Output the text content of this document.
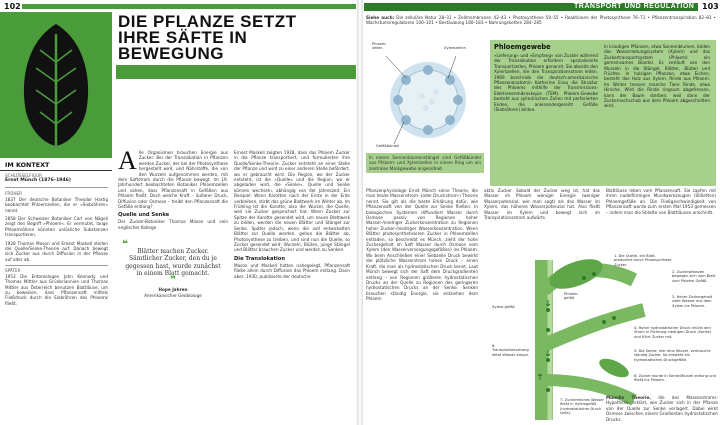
102
DIE PFLANZE SETZT
IHRE SÄFTE IN
BEWEGUNG
TRANSLOKATION IN PFLANZEN
IM KONTEXT
SCHLÜSSELFIGUR
Ernst Münch (1876–1946)
FRÜHER
1837 Der deutsche Botaniker Theodor Hartig beobachtet Phloemzellen, die er »Siebröhren« nennt.
1858 Der Schweizer Botaniker Carl von Nägeli zeigt den Begriff »Phloem«. Er vermutet, lange Phloemröhren könnten unlösliche Substanzen transportieren.
1928 Thomas Mason und Ernest Maskell stellen die Quelle/Senke-Theorie auf: Danach bewegt sich Zucker aus durch Diffusion in der Pflanze auf oder ab.
SPÄTER
1953 Die Entomologen John Kennedy und Thomas Mittler aus Grünbriannien und Thomas Mittler aus Österreich benutzen Blattläuse, um zu beweisen, dass Pflanzensaft mittels Fließdruck durch die Siebröhren des Phloems fließt.
A lle Organismen brauchen Energie aus Zucker. Bei der Translokation in Pflanzen werden Zucker, der bei der Photosynthese hergestellt wird, und Nährstoffe, die von den Wurzeln aufgenommen werden, mit dem Saftstrom durch die Pflanze bewegt. Im 19. Jahrhundert beobachteten Botaniker Phloemzellen und sahen, dass Pflanzensaft in Gefäßen aus Phloem fließt. Doch welche Kraft – äußerer Druck, Diffusion oder Osmose – treibt den Pflanzensaft die Gefäße entlang?
Quelle und Senke
Der Zucker-Botaniker Thomas Mason und sein englischer Kollege
❝
Blätter machen Zucker. Sämtlicher Zucker, den du je gegessen hast, wurde zunächst in einem Blatt gemacht.
❞
Hope Jahren
Amerikanischer Geobiologe
Ernest Maskell zeigten 1928, dass das Phloem Zucker in die Pflanze transportiert, und formulierten ihre Quelle/Senke-Theorie. Zucker entsteht an einer Stelle der Pflanze und wird zu einer anderen Stelle befördert, wo er gebraucht wird. Die Region, wo der Zucker entsteht, ist die »Quelle« und die Region, wo er abgeladen wird, die »Senke«. Quelle und Senke können wechseln, abhängig von der Jahreszeit. Ein Beispiel: Wenn Karotten nach der Ernte in der Erde verbleiben, stirbt das grüne Blattwerk im Winter ab. Im Frühling ist die Karotte, also die Wurzel, die Quelle, weil sie Zucker gespeichert hat. Wenn Zucker zur Spitze der Karotte gesendet wird, um neues Blattwerk zu bilden, werden die neuen Blätter und Stängel zur Senke. Später jedoch, wenn die voll entwickelten Blätter zur Quelle werden, gehen die Blätter ab, Photosynthese zu treiben, und sind nun die Quelle, so Zucker gesendet wird: Wurzeln, Blüten, junge Stängel und Blätter brauchen Zucker und werden zu Senken.
Die Translokation
Mason und Maskell hatten nahegelegt, Pflanzensaft fließe allein durch Diffusion das Phloem entlang. Dann aber, 1930, publizierte der deutsche
TRANSPORT UND REGULATION 103
Siehe auch: Die zelluläre Natur 28–31 • Zellmembranen 42–43 • Photosynthese 50–55 • Reaktionen der Photosynthese 76–71 • Pflanzentranspiration 82–83 • Wachstumsregulatoren 100–101 • Bestäubung 180–183 • Nahrungsketten 284–285
Phloem-zellen	Xylemzellen
Gefäßbündel
In einem Sonnenblumenstängel sind Gefäßbündel aus Phloem- und Xylemzellen in einem Ring um ein zentrales Markgewebe angeordnet.
Phloemgewebe
»Lieferung« und »Empfang« von Zucker während der Translokation erfordern spezialisierte Transportzellen, Phloem genannt. Sie abseits den Xylemzellen, die den Transpirationsstrom leiten. 1969 beschrieb die deutsch-amerikanische Pflanzenanatomin Katherine Esau die Struktur des Phloems mithilfe der Transmissions-Elektronenmikroskopie (TEM). Phloem-Gewebe besteht aus zylindrischen Zellen mit perforierten Enden, die aneinandergereiht Gefäße (Siebröhren) bilden.
In krautigen Pflanzen, etwa Sonnenblumen, bilden das Wasserleitungssystem (Xylem) und das Zuckertransportsystem (Phloem) ein gemeinsames Bündel. Es verläuft von den Wurzeln in die Stängel, Blätter, Blüten und Früchte. In holzigen Pflanzen, etwa Eichen, besteht das Holz aus Xylem. Rinde aus Phloem. Im Winter tressen manche Tiere Rinde, etwa Hirsche. Wird die Rinde ringsum abgefressen, kann der Baum sterben, weil dann der Zuckernachschub aus dem Phloem abgeschnitten wird.
Pflanzenphysiologe Ernst Münch seine Theorie, die man heute Massenstrom- (oder Druckstrom-) Theorie nennt. Sie gilt als die beste Erklärung dafür, wie Pflanzensaft von der Quelle zur Senke fließen. In biologischen Systemen diffundiert Wasser durch Osmose passiv von Regionen hoher Wasser-/niedriger Zuckerkonzentration zu Regionen hoher Zucker-/niedriger Wasserkonzentration. Wenn Blätter photosynthetisieren Zucker in Phloemzellen entladen, so beschreibt es Münch, zieht der hohe Zuckergehalt im Saft Wasser durch Osmose vom Xylem (den Wasserversorgungsgefäßen) ins Phloem. Wo beim Anschließen einer Siebzelle Druck bewirkt die plötzliche Wasserstrom hohen Druck – einen Kraft, die man als hydrostatischen Druck kennt. Laut Münch bewegt sich der Saft dem Druckgradienten entlang – von Regionen größeren hydrostatischen Drucks an der Quelle zu Regionen des geringeren hydrostatischen Drucks an der Senke. Senken brauchen ständig Energie, sie entziehen dem Phloem
aktiv Zucker. Sobald der Zucker weg ist, hat das Wasser im Phloem weniger Energie (weniger Wasserpotenzial, wie man sagt) als das Wasser im Xylem, das höheres Wasserpotenzial hat. Also fließt Wasser im Xylem und bewegt sich im Transpirationsstrom aufwärts.
Blattläuse leben vom Pflanzensaft. Sie zapfen mit ihren nadelförmigen Mundwerkzeugen (Stilletten) Phloemgefäße an. Die Fließgeschwindigkeit von Pflanzensaft wurde zum ersten Mal 1953 gemessen – indem man die Stilette von Blattläusen anschnitt.
1. Die Quelle, ein Blatt, produziert durch Photosynthese Zucker.
2. Zuckerpflanzen bewegen sich vom Blatt zum Phloem-Gefäß.
3. Hoher Zuckergehalt zieht Wasser aus dem Xylem ins Phloem.
4. Hoher hydrostatischer Druck drückt den Strom in Richtung niedrigen Druck (Senke) und führt Zucker mit.
5. Die Senke, hier eine Wurzel, verbraucht ständig Zucker. So entsteht ein hydrostatisches Druckgefälle.
6. Zucker wurde in Senke/Wurzel entlang und fließt ins Phloem.
7. Zuckerreiches Wasser fließt in Xylemgefäß (hydrostatischer Druck sinkt).
8. Transpirationsstrang leitet Wasser empor.
Xylem-gefäß
Phloem-gefäß
Münchs Theorie, die des Massenstroms-Hypothese, erklärt, wie Zucker sich in der Pflanze von der Quelle zur Senke verlagert. Dabei wirkt Osmose zwischen einem Gradienten hydrostatischen Drucks.
